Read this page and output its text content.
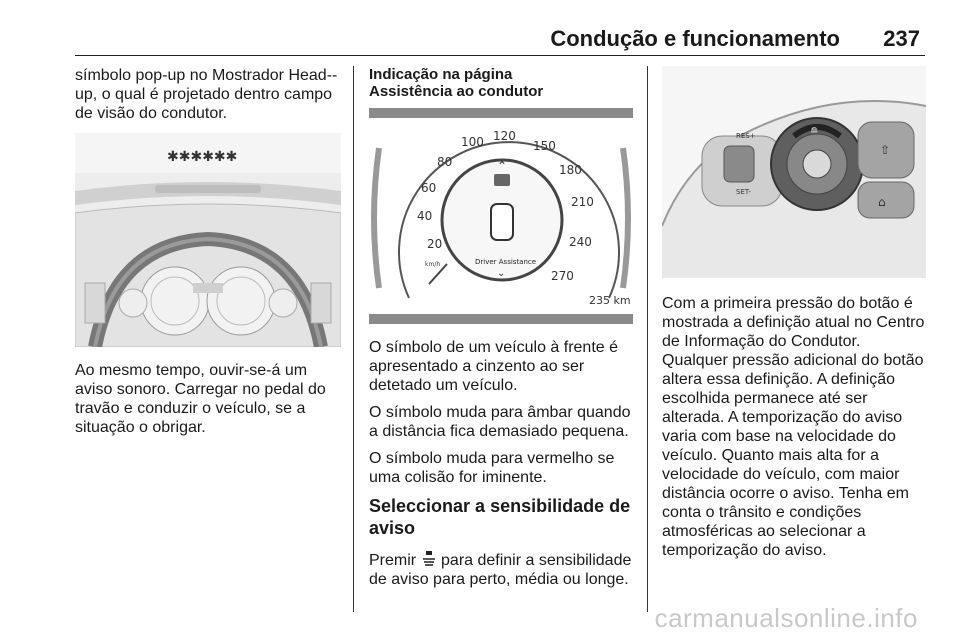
Condução e funcionamento 237

símbolo pop-up no Mostrador Head--up, o qual é projetado dentro campo de visão do condutor.

✱✱✱✱✱✱

Ao mesmo tempo, ouvir-se-á um aviso sonoro. Carregar no pedal do travão e conduzir o veículo, se a situação o obrigar.

Indicação na página
Assistência ao condutor
20
40
60
80
100 120
150
180
210
240
270
km/h
⌃
Driver Assistance
⌄
235 km

O símbolo de um veículo à frente é apresentado a cinzento ao ser detetado um veículo.

O símbolo muda para âmbar quando a distância fica demasiado pequena.

O símbolo muda para vermelho se uma colisão for iminente.

Seleccionar a sensibilidade de aviso

Premir para definir a sensibilidade de aviso para perto, média ou longe.

RES+
SET-
≘
⇧
⌂

Com a primeira pressão do botão é mostrada a definição atual no Centro de Informação do Condutor. Qualquer pressão adicional do botão altera essa definição. A definição escolhida permanece até ser alterada. A temporização do aviso varia com base na velocidade do veículo. Quanto mais alta for a velocidade do veículo, com maior distância ocorre o aviso. Tenha em conta o trânsito e condições atmosféricas ao selecionar a temporização do aviso.

carmanualsonline.info
